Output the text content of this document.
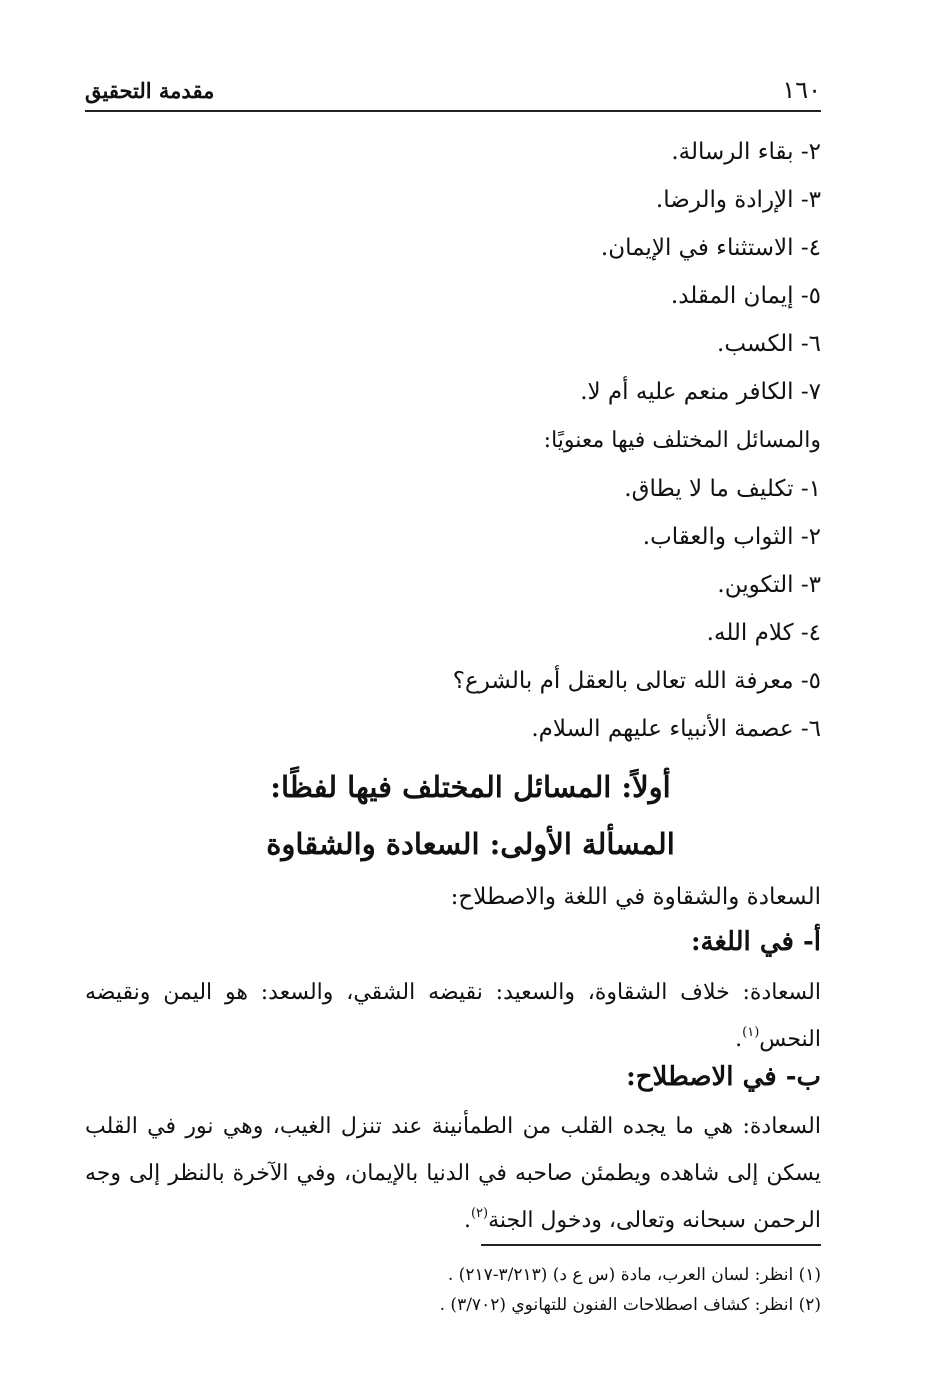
١٦٠
مقدمة التحقيق
٢- بقاء الرسالة.
٣- الإرادة والرضا.
٤- الاستثناء في الإيمان.
٥- إيمان المقلد.
٦- الكسب.
٧- الكافر منعم عليه أم لا.
والمسائل المختلف فيها معنويًا:
١- تكليف ما لا يطاق.
٢- الثواب والعقاب.
٣- التكوين.
٤- كلام الله.
٥- معرفة الله تعالى بالعقل أم بالشرع؟
٦- عصمة الأنبياء عليهم السلام.
أولاً: المسائل المختلف فيها لفظًا:
المسألة الأولى: السعادة والشقاوة
السعادة والشقاوة في اللغة والاصطلاح:
أ- في اللغة:
السعادة: خلاف الشقاوة، والسعيد: نقيضه الشقي، والسعد: هو اليمن ونقيضه النحس$^{(١)}$.
ب- في الاصطلاح:
السعادة: هي ما يجده القلب من الطمأنينة عند تنزل الغيب، وهي نور في القلب يسكن إلى شاهده ويطمئن صاحبه في الدنيا بالإيمان، وفي الآخرة بالنظر إلى وجه الرحمن سبحانه وتعالى، ودخول الجنة$^{(٢)}$.
(١) انظر: لسان العرب، مادة (س ع د) (٣/٢١٣-٢١٧) .
(٢) انظر: كشاف اصطلاحات الفنون للتهانوي (٣/٧٠٢) .
